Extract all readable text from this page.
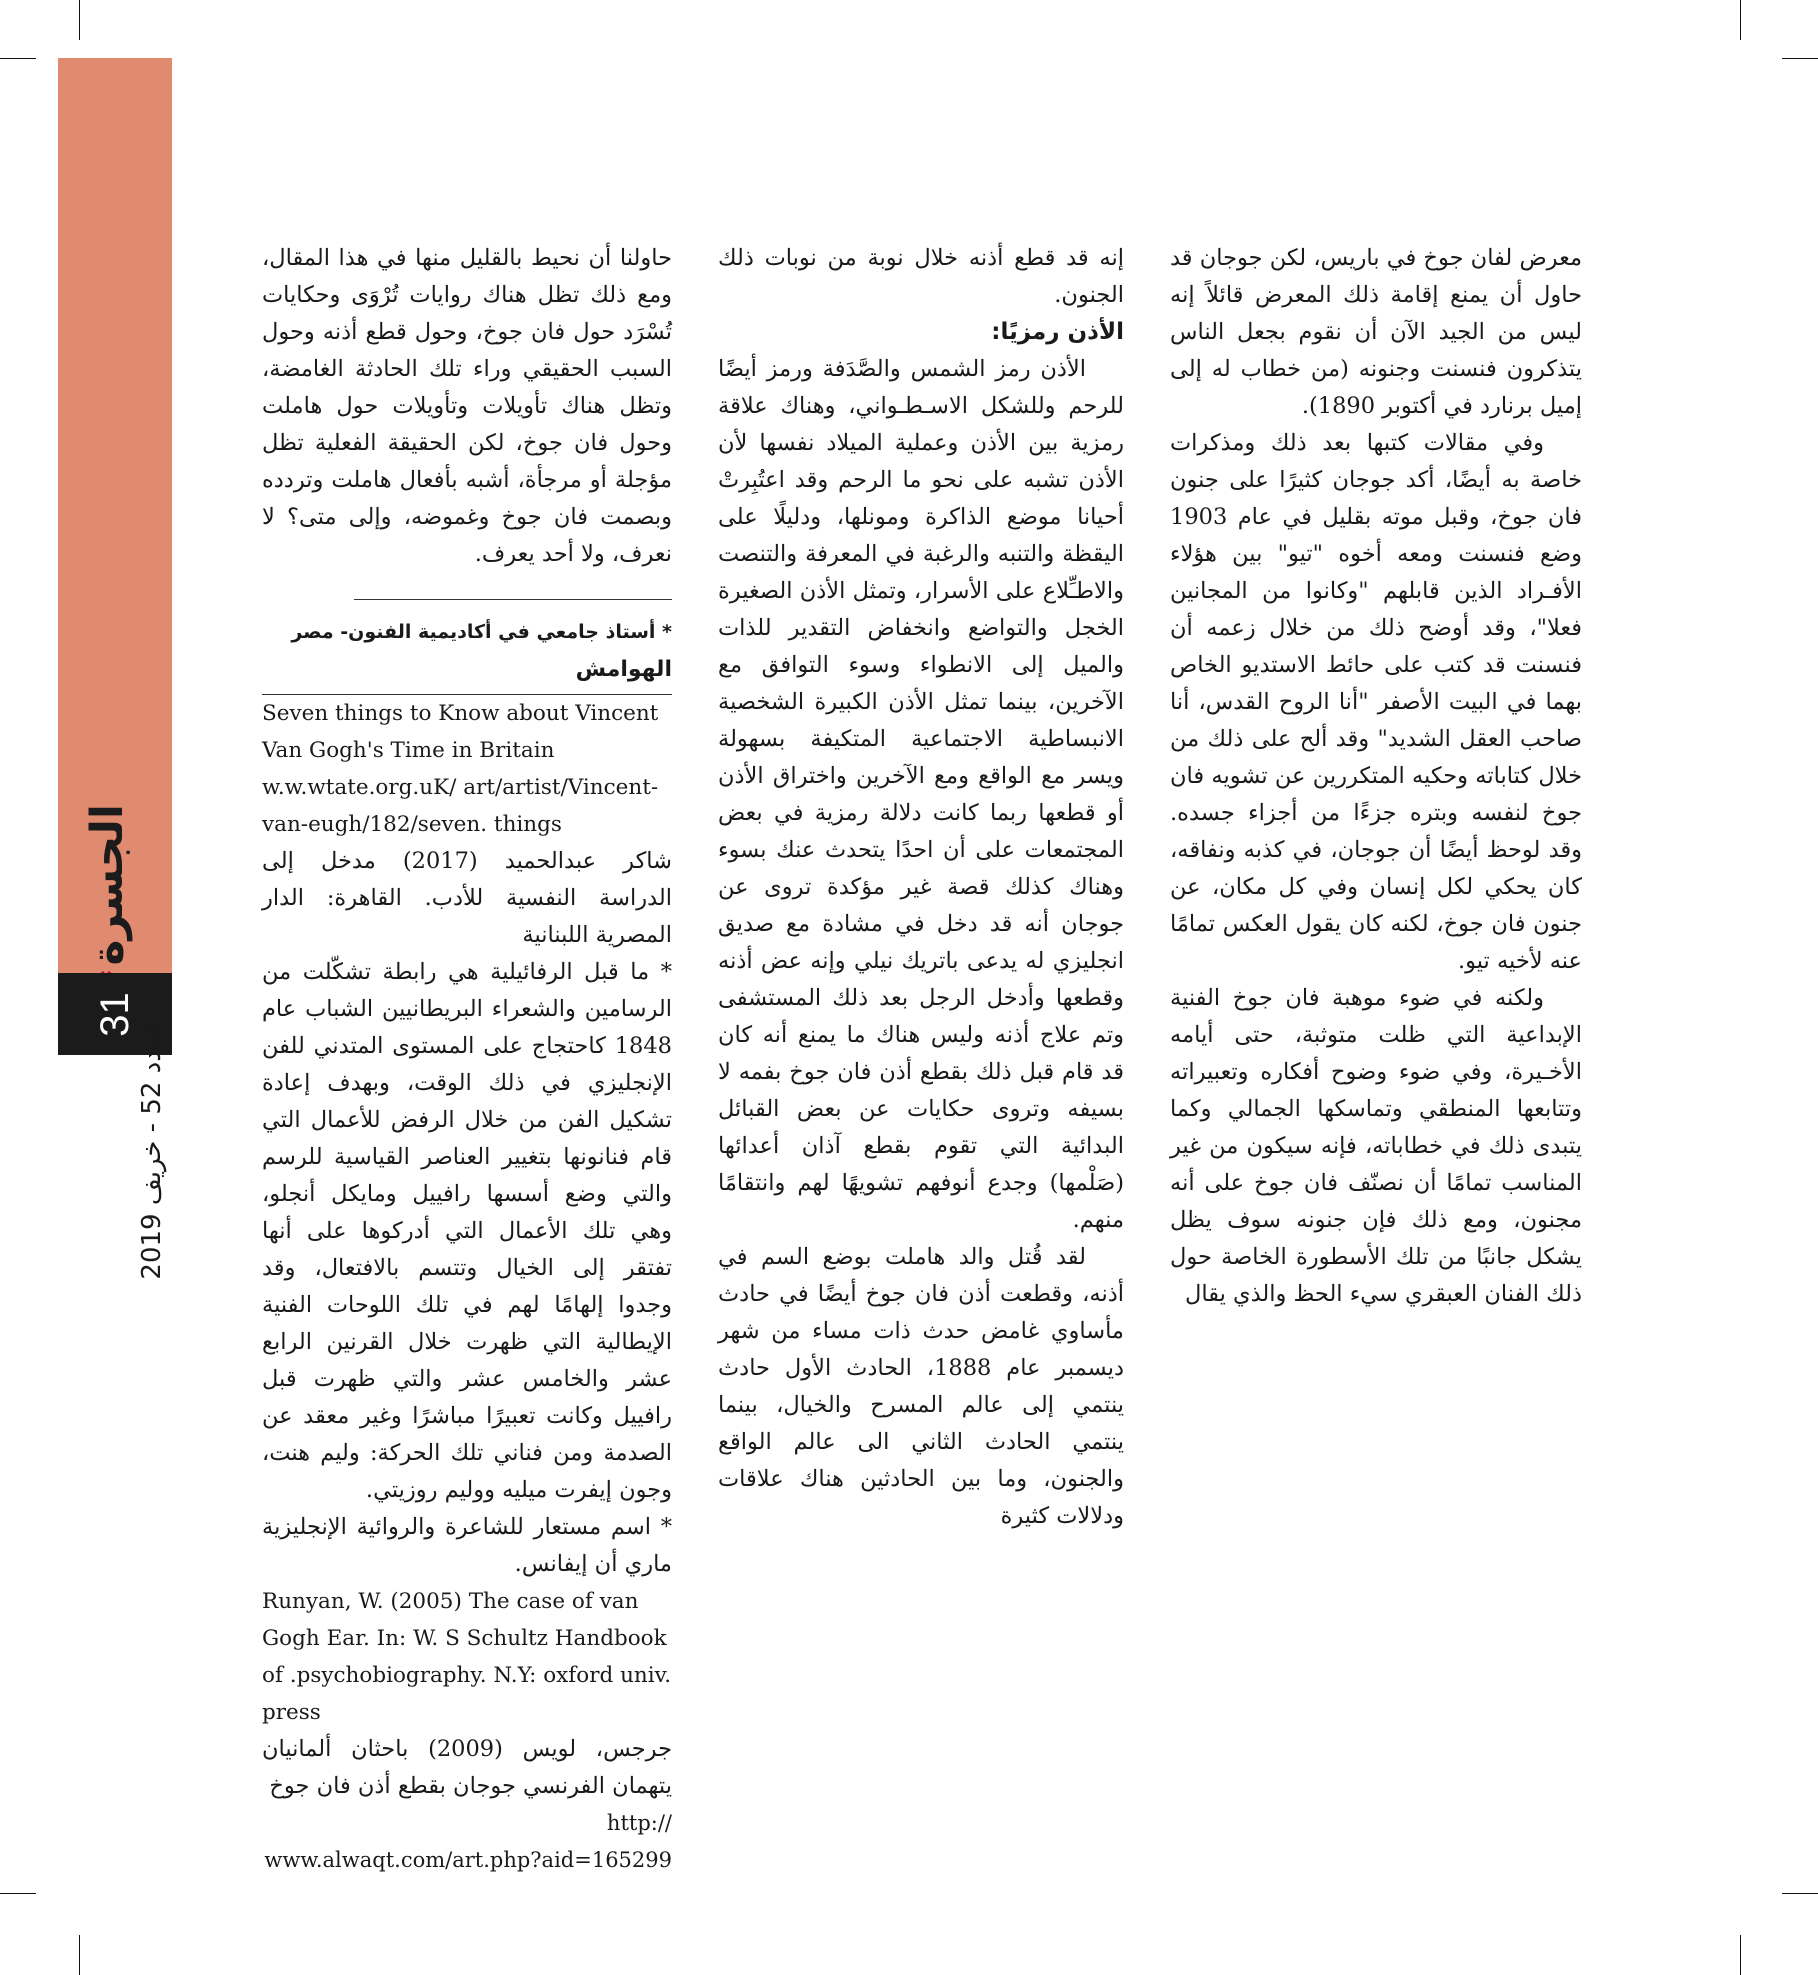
الجسرة
31
العدد 52 - خريف 2019

معرض لفان جوخ في باريس، لكن جوجان قد حاول أن يمنع إقامة ذلك المعرض قائلاً إنه ليس من الجيد الآن أن نقوم بجعل الناس يتذكرون فنسنت وجنونه (من خطاب له إلى إميل برنارد في أكتوبر 1890).

وفي مقالات كتبها بعد ذلك ومذكرات خاصة به أيضًا، أكد جوجان كثيرًا على جنون فان جوخ، وقبل موته بقليل في عام 1903 وضع فنسنت ومعه أخوه "تيو" بين هؤلاء الأفـراد الذين قابلهم "وكانوا من المجانين فعلا"، وقد أوضح ذلك من خلال زعمه أن فنسنت قد كتب على حائط الاستديو الخاص بهما في البيت الأصفر "أنا الروح القدس، أنا صاحب العقل الشديد" وقد ألح على ذلك من خلال كتاباته وحكيه المتكررين عن تشويه فان جوخ لنفسه وبتره جزءًا من أجزاء جسده. وقد لوحظ أيضًا أن جوجان، في كذبه ونفاقه، كان يحكي لكل إنسان وفي كل مكان، عن جنون فان جوخ، لكنه كان يقول العكس تمامًا عنه لأخيه تيو.

ولكنه في ضوء موهبة فان جوخ الفنية الإبداعية التي ظلت متوثبة، حتى أيامه الأخـيرة، وفي ضوء وضوح أفكاره وتعبيراته وتتابعها المنطقي وتماسكها الجمالي وكما يتبدى ذلك في خطاباته، فإنه سيكون من غير المناسب تمامًا أن نصنّف فان جوخ على أنه مجنون، ومع ذلك فإن جنونه سوف يظل يشكل جانبًا من تلك الأسطورة الخاصة حول ذلك الفنان العبقري سيء الحظ والذي يقال

إنه قد قطع أذنه خلال نوبة من نوبات ذلك الجنون.

الأذن رمزيًا:

الأذن رمز الشمس والصَّدَفة ورمز أيضًا للرحم وللشكل الاسـطـواني، وهناك علاقة رمزية بين الأذن وعملية الميلاد نفسها لأن الأذن تشبه على نحو ما الرحم وقد اعتُبِرتْ أحيانا موضع الذاكرة ومونلها، ودليلًا على اليقظة والتنبه والرغبة في المعرفة والتنصت والاطـِّلاع على الأسرار، وتمثل الأذن الصغيرة الخجل والتواضع وانخفاض التقدير للذات والميل إلى الانطواء وسوء التوافق مع الآخرين، بينما تمثل الأذن الكبيرة الشخصية الانبساطية الاجتماعية المتكيفة بسهولة ويسر مع الواقع ومع الآخرين واختراق الأذن أو قطعها ربما كانت دلالة رمزية في بعض المجتمعات على أن احدًا يتحدث عنك بسوء وهناك كذلك قصة غير مؤكدة تروى عن جوجان أنه قد دخل في مشادة مع صديق انجليزي له يدعى باتريك نيلي وإنه عض أذنه وقطعها وأدخل الرجل بعد ذلك المستشفى وتم علاج أذنه وليس هناك ما يمنع أنه كان قد قام قبل ذلك بقطع أذن فان جوخ بفمه لا بسيفه وتروى حكايات عن بعض القبائل البدائية التي تقوم بقطع آذان أعدائها (صَلْمها) وجدع أنوفهم تشويهًا لهم وانتقامًا منهم.

لقد قُتل والد هاملت بوضع السم في أذنه، وقطعت أذن فان جوخ أيضًا في حادث مأساوي غامض حدث ذات مساء من شهر ديسمبر عام 1888، الحادث الأول حادث ينتمي إلى عالم المسرح والخيال، بينما ينتمي الحادث الثاني الى عالم الواقع والجنون، وما بين الحادثين هناك علاقات ودلالات كثيرة

حاولنا أن نحيط بالقليل منها في هذا المقال، ومع ذلك تظل هناك روايات تُرْوَى وحكايات تُسْرَد حول فان جوخ، وحول قطع أذنه وحول السبب الحقيقي وراء تلك الحادثة الغامضة، وتظل هناك تأويلات وتأويلات حول هاملت وحول فان جوخ، لكن الحقيقة الفعلية تظل مؤجلة أو مرجأة، أشبه بأفعال هاملت وتردده وبصمت فان جوخ وغموضه، وإلى متى؟ لا نعرف، ولا أحد يعرف.

* أستاذ جامعي في أكاديمية الفنون- مصر

الهوامش

Seven things to Know about Vincent Van Gogh's Time in Britain w.w.wtate.org.uK/ art/artist/Vincent-van-eugh/182/seven. things

شاكر عبدالحميد (2017) مدخل إلى الدراسة النفسية للأدب. القاهرة: الدار المصرية اللبنانية

* ما قبل الرفائيلية هي رابطة تشكّلت من الرسامين والشعراء البريطانيين الشباب عام 1848 كاحتجاج على المستوى المتدني للفن الإنجليزي في ذلك الوقت، وبهدف إعادة تشكيل الفن من خلال الرفض للأعمال التي قام فنانونها بتغيير العناصر القياسية للرسم والتي وضع أسسها رافييل ومايكل أنجلو، وهي تلك الأعمال التي أدركوها على أنها تفتقر إلى الخيال وتتسم بالافتعال، وقد وجدوا إلهامًا لهم في تلك اللوحات الفنية الإيطالية التي ظهرت خلال القرنين الرابع عشر والخامس عشر والتي ظهرت قبل رافييل وكانت تعبيرًا مباشرًا وغير معقد عن الصدمة ومن فناني تلك الحركة: وليم هنت، وجون إيفرت ميليه ووليم روزيتي.

* اسم مستعار للشاعرة والروائية الإنجليزية ماري أن إيفانس.

Runyan, W. (2005) The case of van Gogh Ear. In: W. S Schultz Handbook of .psychobiography. N.Y: oxford univ. press

جرجس، لويس (2009) باحثان ألمانيان يتهمان الفرنسي جوجان بقطع أذن فان جوخ

http://

www.alwaqt.com/art.php?aid=165299
